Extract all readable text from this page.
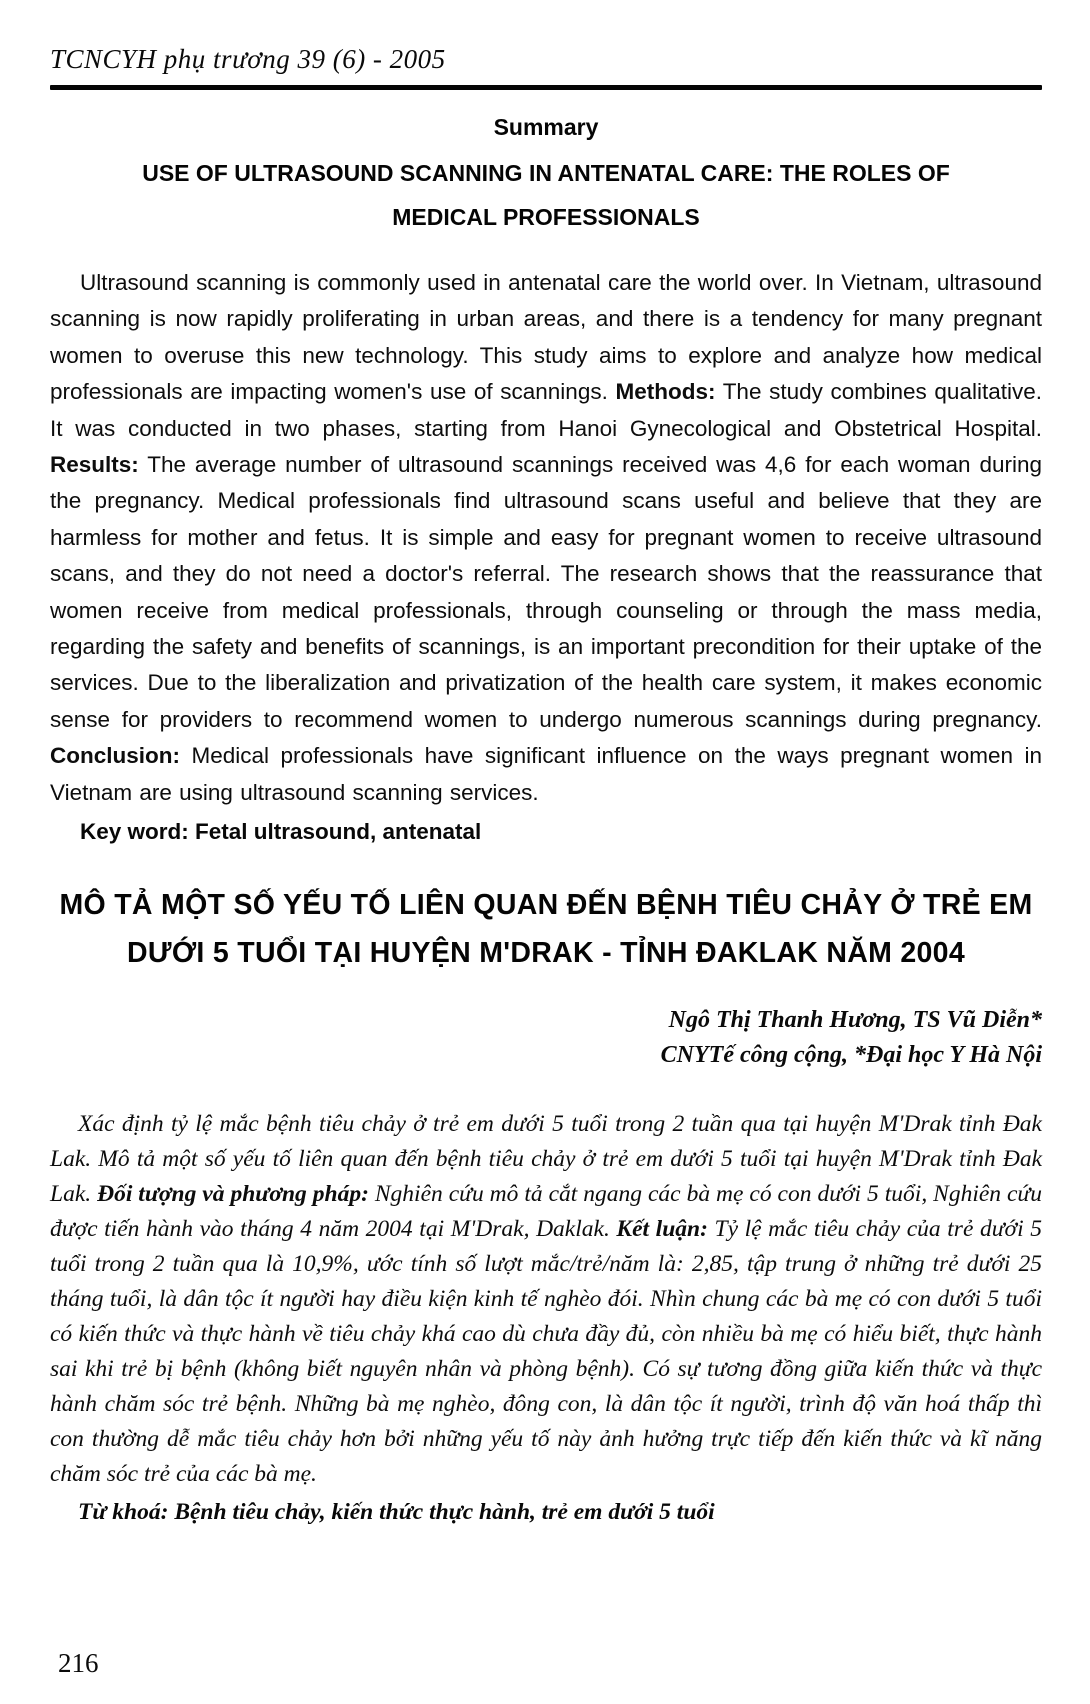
TCNCYH phụ trương 39 (6) - 2005
Summary
USE OF ULTRASOUND SCANNING IN ANTENATAL CARE: THE ROLES OF
MEDICAL PROFESSIONALS

Ultrasound scanning is commonly used in antenatal care the world over. In Vietnam, ultrasound scanning is now rapidly proliferating in urban areas, and there is a tendency for many pregnant women to overuse this new technology. This study aims to explore and analyze how medical professionals are impacting women's use of scannings. Methods: The study combines qualitative. It was conducted in two phases, starting from Hanoi Gynecological and Obstetrical Hospital. Results: The average number of ultrasound scannings received was 4,6 for each woman during the pregnancy. Medical professionals find ultrasound scans useful and believe that they are harmless for mother and fetus. It is simple and easy for pregnant women to receive ultrasound scans, and they do not need a doctor's referral. The research shows that the reassurance that women receive from medical professionals, through counseling or through the mass media, regarding the safety and benefits of scannings, is an important precondition for their uptake of the services. Due to the liberalization and privatization of the health care system, it makes economic sense for providers to recommend women to undergo numerous scannings during pregnancy. Conclusion: Medical professionals have significant influence on the ways pregnant women in Vietnam are using ultrasound scanning services.

Key word: Fetal ultrasound, antenatal
MÔ TẢ MỘT SỐ YẾU TỐ LIÊN QUAN ĐẾN BỆNH TIÊU CHẢY Ở TRẺ EM
DƯỚI 5 TUỔI TẠI HUYỆN M'DRAK - TỈNH ĐAKLAK NĂM 2004
Ngô Thị Thanh Hương, TS Vũ Diễn*
CNYTế công cộng, *Đại học Y Hà Nội

Xác định tỷ lệ mắc bệnh tiêu chảy ở trẻ em dưới 5 tuổi trong 2 tuần qua tại huyện M'Drak tỉnh Đak Lak. Mô tả một số yếu tố liên quan đến bệnh tiêu chảy ở trẻ em dưới 5 tuổi tại huyện M'Drak tỉnh Đak Lak. Đối tượng và phương pháp: Nghiên cứu mô tả cắt ngang các bà mẹ có con dưới 5 tuổi, Nghiên cứu được tiến hành vào tháng 4 năm 2004 tại M'Drak, Daklak. Kết luận: Tỷ lệ mắc tiêu chảy của trẻ dưới 5 tuổi trong 2 tuần qua là 10,9%, ước tính số lượt mắc/trẻ/năm là: 2,85, tập trung ở những trẻ dưới 25 tháng tuổi, là dân tộc ít người hay điều kiện kinh tế nghèo đói. Nhìn chung các bà mẹ có con dưới 5 tuổi có kiến thức và thực hành về tiêu chảy khá cao dù chưa đầy đủ, còn nhiều bà mẹ có hiểu biết, thực hành sai khi trẻ bị bệnh (không biết nguyên nhân và phòng bệnh). Có sự tương đồng giữa kiến thức và thực hành chăm sóc trẻ bệnh. Những bà mẹ nghèo, đông con, là dân tộc ít người, trình độ văn hoá thấp thì con thường dễ mắc tiêu chảy hơn bởi những yếu tố này ảnh hưởng trực tiếp đến kiến thức và kĩ năng chăm sóc trẻ của các bà mẹ.

Từ khoá: Bệnh tiêu chảy, kiến thức thực hành, trẻ em dưới 5 tuổi
216
